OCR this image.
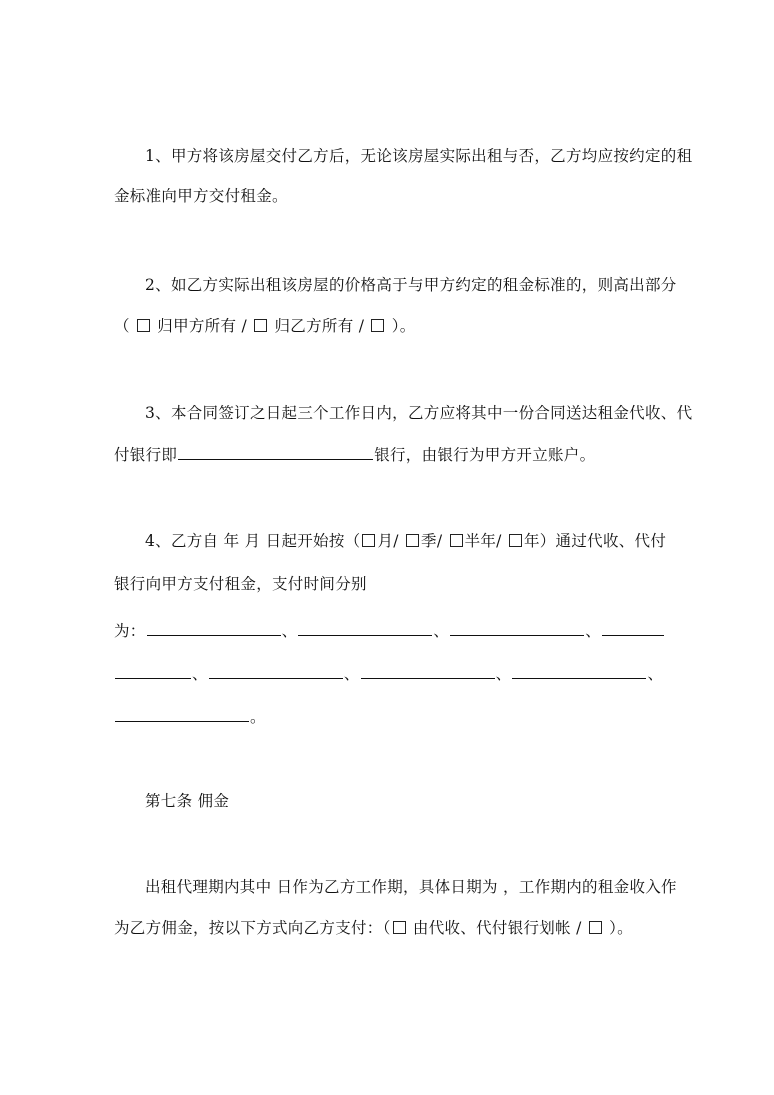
1、甲方将该房屋交付乙方后，无论该房屋实际出租与否，乙方均应按约定的租
金标准向甲方交付租金。
2、如乙方实际出租该房屋的价格高于与甲方约定的租金标准的，则高出部分
（ 归甲方所有 / 归乙方所有 / ）。
3、本合同签订之日起三个工作日内，乙方应将其中一份合同送达租金代收、代
付银行即	银行，由银行为甲方开立账户。
4、乙方自 年 月 日起开始按（ 月/ 季/ 半年/ 年）通过代收、代付
银行向甲方支付租金，支付时间分别
为：	、	、	、
、	、	、	、
。
第七条 佣金
出租代理期内其中 日作为乙方工作期，具体日期为 ，工作期内的租金收入作
为乙方佣金，按以下方式向乙方支付：（ 由代收、代付银行划帐 / ）。
